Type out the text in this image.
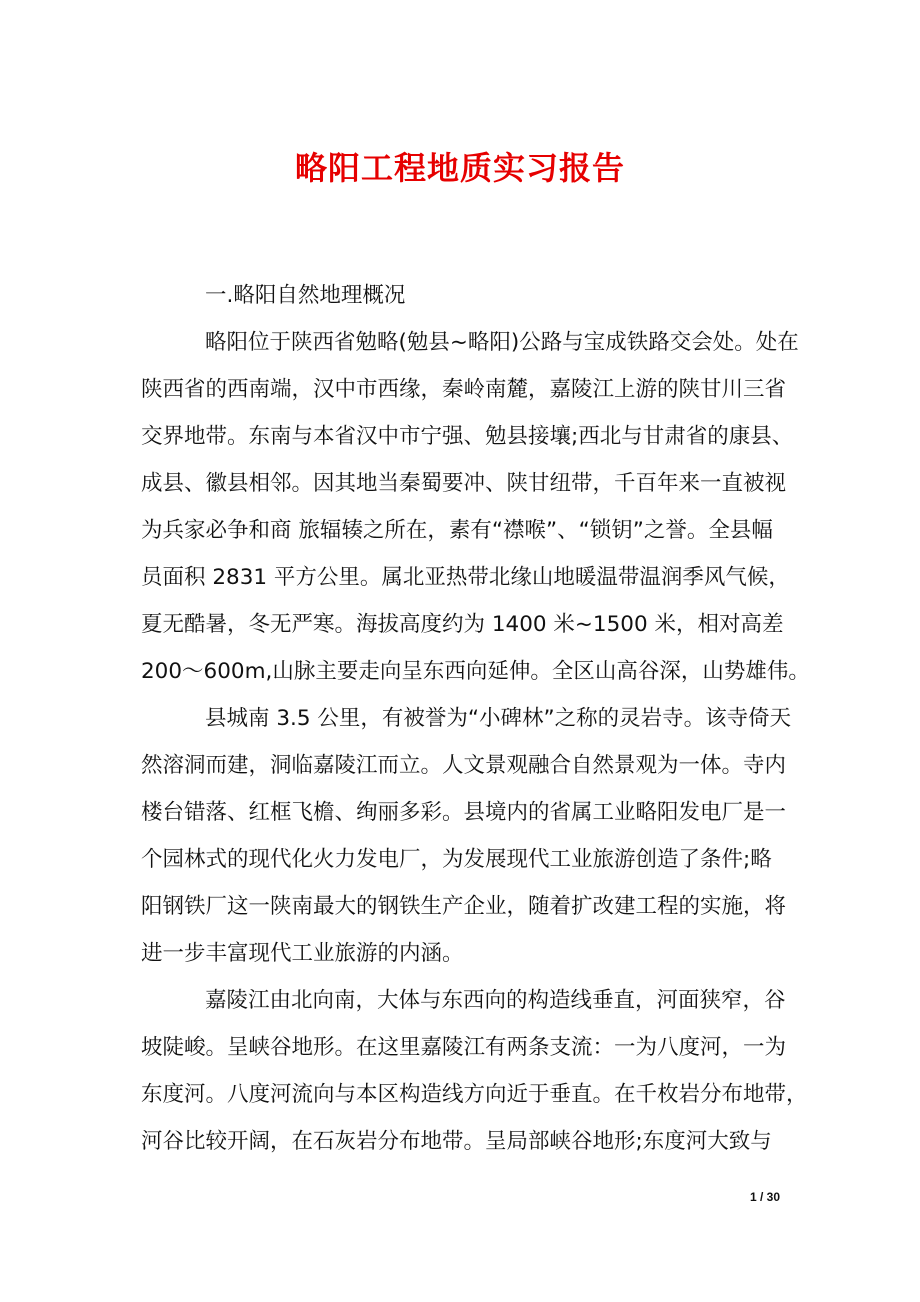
略阳工程地质实习报告

一.略阳自然地理概况

略阳位于陕西省勉略(勉县~略阳)公路与宝成铁路交会处。处在
陕西省的西南端，汉中市西缘，秦岭南麓，嘉陵江上游的陕甘川三省
交界地带。东南与本省汉中市宁强、勉县接壤;西北与甘肃省的康县、
成县、徽县相邻。因其地当秦蜀要冲、陕甘纽带，千百年来一直被视
为兵家必争和商 旅辐辏之所在，素有“襟喉”、“锁钥”之誉。全县幅
员面积 2831 平方公里。属北亚热带北缘山地暖温带温润季风气候，
夏无酷暑，冬无严寒。海拔高度约为 1400 米~1500 米，相对高差
200～600m,山脉主要走向呈东西向延伸。全区山高谷深，山势雄伟。

县城南 3.5 公里，有被誉为“小碑林”之称的灵岩寺。该寺倚天
然溶洞而建，洞临嘉陵江而立。人文景观融合自然景观为一体。寺内
楼台错落、红框飞檐、绚丽多彩。县境内的省属工业略阳发电厂是一
个园林式的现代化火力发电厂，为发展现代工业旅游创造了条件;略
阳钢铁厂这一陕南最大的钢铁生产企业，随着扩改建工程的实施，将
进一步丰富现代工业旅游的内涵。

嘉陵江由北向南，大体与东西向的构造线垂直，河面狭窄，谷
坡陡峻。呈峡谷地形。在这里嘉陵江有两条支流：一为八度河，一为
东度河。八度河流向与本区构造线方向近于垂直。在千枚岩分布地带，
河谷比较开阔，在石灰岩分布地带。呈局部峡谷地形;东度河大致与

1 / 30
